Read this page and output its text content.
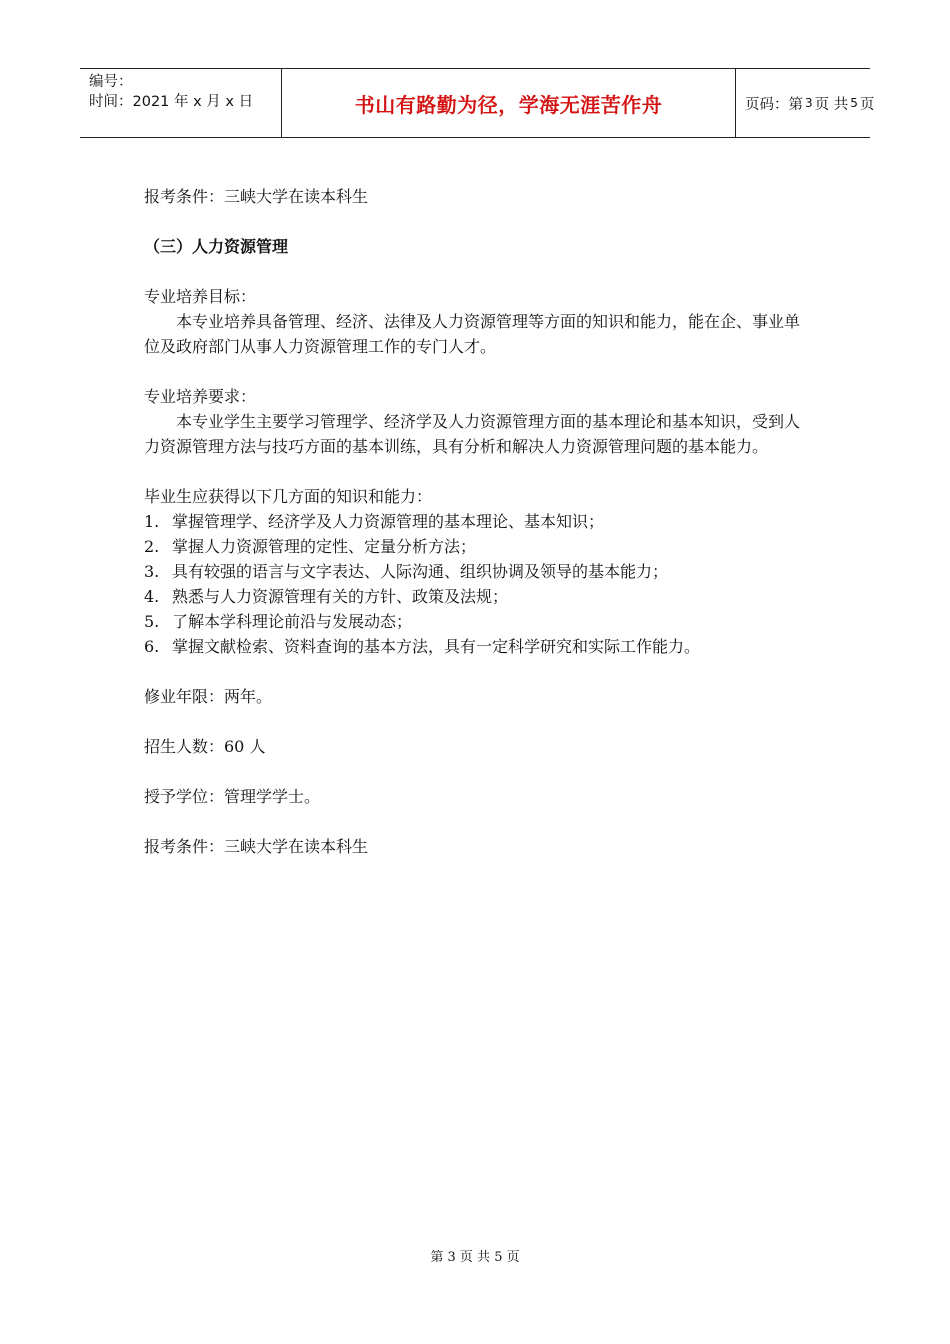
编号：
时间：2021 年 x 月 x 日	书山有路勤为径，学海无涯苦作舟	页码：第 3 页 共 5 页

报考条件：三峡大学在读本科生

（三）人力资源管理

专业培养目标：

本专业培养具备管理、经济、法律及人力资源管理等方面的知识和能力，能在企、事业单位及政府部门从事人力资源管理工作的专门人才。

专业培养要求：

本专业学生主要学习管理学、经济学及人力资源管理方面的基本理论和基本知识，受到人力资源管理方法与技巧方面的基本训练，具有分析和解决人力资源管理问题的基本能力。

毕业生应获得以下几方面的知识和能力：

1. 掌握管理学、经济学及人力资源管理的基本理论、基本知识；
2. 掌握人力资源管理的定性、定量分析方法；
3. 具有较强的语言与文字表达、人际沟通、组织协调及领导的基本能力；
4. 熟悉与人力资源管理有关的方针、政策及法规；
5. 了解本学科理论前沿与发展动态；
6. 掌握文献检索、资料查询的基本方法，具有一定科学研究和实际工作能力。

修业年限：两年。

招生人数：60 人

授予学位：管理学学士。

报考条件：三峡大学在读本科生

第 3 页 共 5 页
